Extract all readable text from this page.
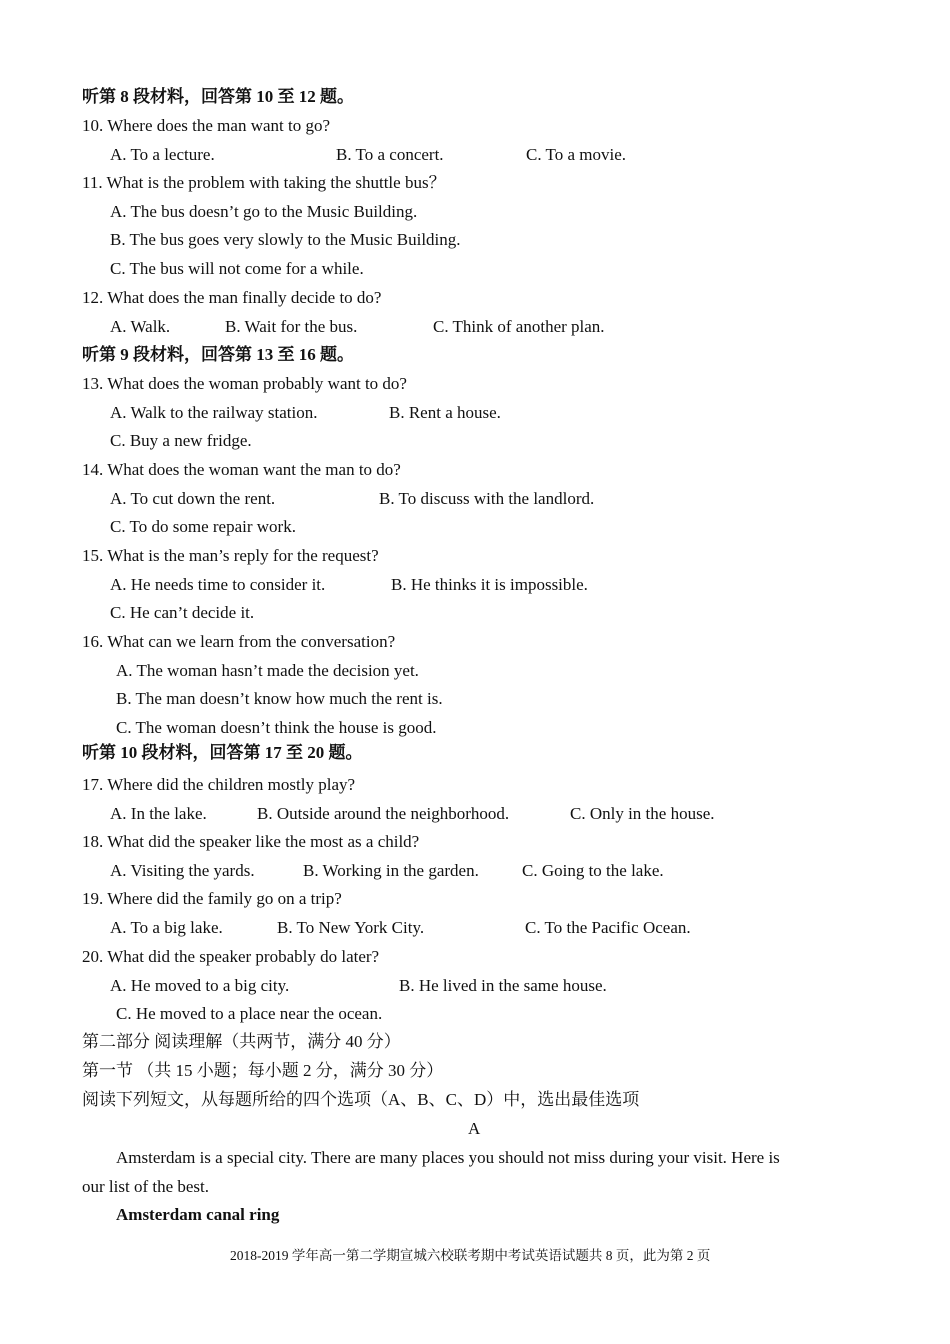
听第 8 段材料，回答第 10 至 12 题。
10. Where does the man want to go?
A. To a lecture.	B. To a concert.	C. To a movie.
11. What is the problem with taking the shuttle bus？
A. The bus doesn’t go to the Music Building.
B. The bus goes very slowly to the Music Building.
C. The bus will not come for a while.
12. What does the man finally decide to do?
A. Walk.	B. Wait for the bus.	C. Think of another plan.
听第 9 段材料，回答第 13 至 16 题。
13. What does the woman probably want to do?
A. Walk to the railway station.	B. Rent a house.
C. Buy a new fridge.
14. What does the woman want the man to do?
A. To cut down the rent.	B. To discuss with the landlord.
C. To do some repair work.
15. What is the man’s reply for the request?
A. He needs time to consider it.	B. He thinks it is impossible.
C. He can’t decide it.
16. What can we learn from the conversation?
A. The woman hasn’t made the decision yet.
B. The man doesn’t know how much the rent is.
C. The woman doesn’t think the house is good.
听第 10 段材料，回答第 17 至 20 题。
17. Where did the children mostly play?
A. In the lake.	B. Outside around the neighborhood.	C. Only in the house.
18. What did the speaker like the most as a child?
A. Visiting the yards.	B. Working in the garden.	C. Going to the lake.
19. Where did the family go on a trip?
A. To a big lake.	B. To New York City.	C. To the Pacific Ocean.
20. What did the speaker probably do later?
A. He moved to a big city.	B. He lived in the same house.
C. He moved to a place near the ocean.
第二部分 阅读理解（共两节，满分 40 分）
第一节 （共 15 小题；每小题 2 分，满分 30 分）
阅读下列短文，从每题所给的四个选项（A、B、C、D）中，选出最佳选项
A
Amsterdam is a special city. There are many places you should not miss during your visit. Here is
our list of the best.
Amsterdam canal ring
2018-2019 学年高一第二学期宣城六校联考期中考试英语试题共 8 页，此为第 2 页
